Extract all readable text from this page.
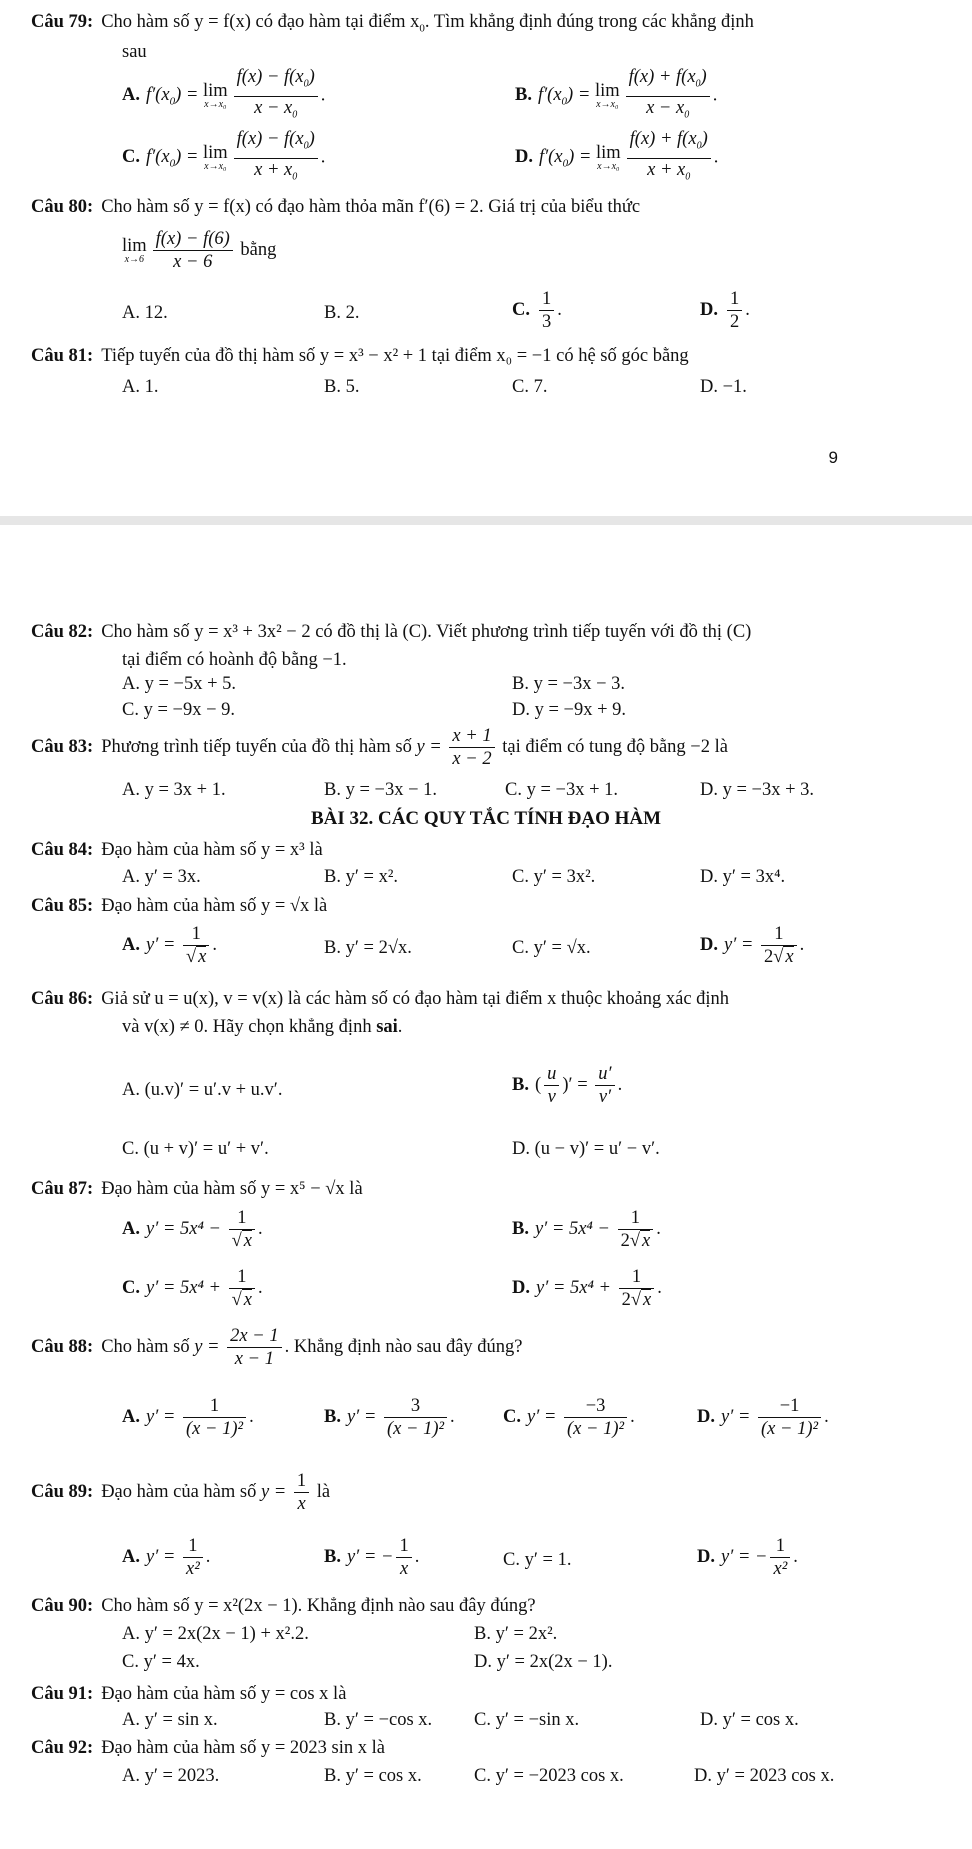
Câu 79: Cho hàm số y = f(x) có đạo hàm tại điểm $x_0$. Tìm khẳng định đúng trong các khẳng định
sau
A. $f'(x_0) = \lim$
$x\to x_0 \frac{f(x) - f(x_0)}{x - x_0}$ .	B. $f'(x_0) = \lim$
$x\to x_0 \frac{f(x) + f(x_0)}{x - x_0}$ .
C. $f'(x_0) = \lim$
$x\to x_0 \frac{f(x) - f(x_0)}{x + x_0}$ .	D. $f'(x_0) = \lim$
$x\to x_0 \frac{f(x) + f(x_0)}{x + x_0}$ .
Câu 80: Cho hàm số y = f(x) có đạo hàm thỏa mãn f′(6) = 2. Giá trị của biểu thức
lim
$x\to 6 \frac{f(x) - f(6)}{x - 6}$ bằng
A. 12.	B. 2.	C. $\frac{1}{3}$ .	D. $\frac{1}{2}$ .
Câu 81: Tiếp tuyến của đồ thị hàm số y = x³ − x² + 1 tại điểm x₀ = −1 có hệ số góc bằng
A. 1.	B. 5.	C. 7.	D. −1.
9
Câu 82: Cho hàm số y = x³ + 3x² − 2 có đồ thị là (C). Viết phương trình tiếp tuyến với đồ thị (C)
tại điểm có hoành độ bằng −1.
A. y = −5x + 5.	B. y = −3x − 3.
C. y = −9x − 9.	D. y = −9x + 9.
Câu 83: Phương trình tiếp tuyến của đồ thị hàm số $y = \frac{x + 1}{x - 2}$ tại điểm có tung độ bằng −2 là
A. y = 3x + 1.	B. y = −3x − 1.	C. y = −3x + 1.	D. y = −3x + 3.
BÀI 32. CÁC QUY TẮC TÍNH ĐẠO HÀM
Câu 84: Đạo hàm của hàm số y = x³ là
A. y′ = 3x.	B. y′ = x².	C. y′ = 3x².	D. y′ = 3x⁴.
Câu 85: Đạo hàm của hàm số y = √x là
A. $y' = \frac{1}{√ x}$ .	B. y′ = 2√x.	C. y′ = √x.	D. $y' = \frac{1}{2√ x}$ .
Câu 86: Giả sử u = u(x), v = v(x) là các hàm số có đạo hàm tại điểm x thuộc khoảng xác định
và v(x) ≠ 0. Hãy chọn khẳng định sai.
A. (u.v)′ = u′.v + u.v′.	B. ( $\frac{u}{v}$ )′ = $\frac{u'}{v'}$ .
C. (u + v)′ = u′ + v′.	D. (u − v)′ = u′ − v′.
Câu 87: Đạo hàm của hàm số y = x⁵ − √x là
A. $y' = 5x^4 - \frac{1}{√ x}$ .	B. $y' = 5x^4 - \frac{1}{2√ x}$ .
C. $y' = 5x^4 + \frac{1}{√ x}$ .	D. $y' = 5x^4 + \frac{1}{2√ x}$ .
Câu 88: Cho hàm số $y = \frac{2x - 1}{x - 1}$ . Khẳng định nào sau đây đúng?
A. $y' = \frac{1}{\text{(x − 1)²}}$ .	B. $y' = \frac{3}{\text{(x − 1)²}}$ .	C. $y' = \frac{-3}{\text{(x − 1)²}}$ .	D. $y' = \frac{-1}{\text{(x − 1)²}}$ .
Câu 89: Đạo hàm của hàm số $y = \frac{1}{x}$ là
A. $y' = \frac{1}{\text{x²}}$ .	B. y′ = − $\frac{1}{x}$ .	C. y′ = 1.	D. y′ = − $\frac{1}{\text{x²}}$ .
Câu 90: Cho hàm số y = x²(2x − 1). Khẳng định nào sau đây đúng?
A. y′ = 2x(2x − 1) + x².2.	B. y′ = 2x².
C. y′ = 4x.	D. y′ = 2x(2x − 1).
Câu 91: Đạo hàm của hàm số y = cos x là
A. y′ = sin x.	B. y′ = −cos x. C. y′ = −sin x.	D. y′ = cos x.
Câu 92: Đạo hàm của hàm số y = 2023 sin x là
A. y′ = 2023.	B. y′ = cos x.	C. y′ = −2023 cos x.	D. y′ = 2023 cos x.
